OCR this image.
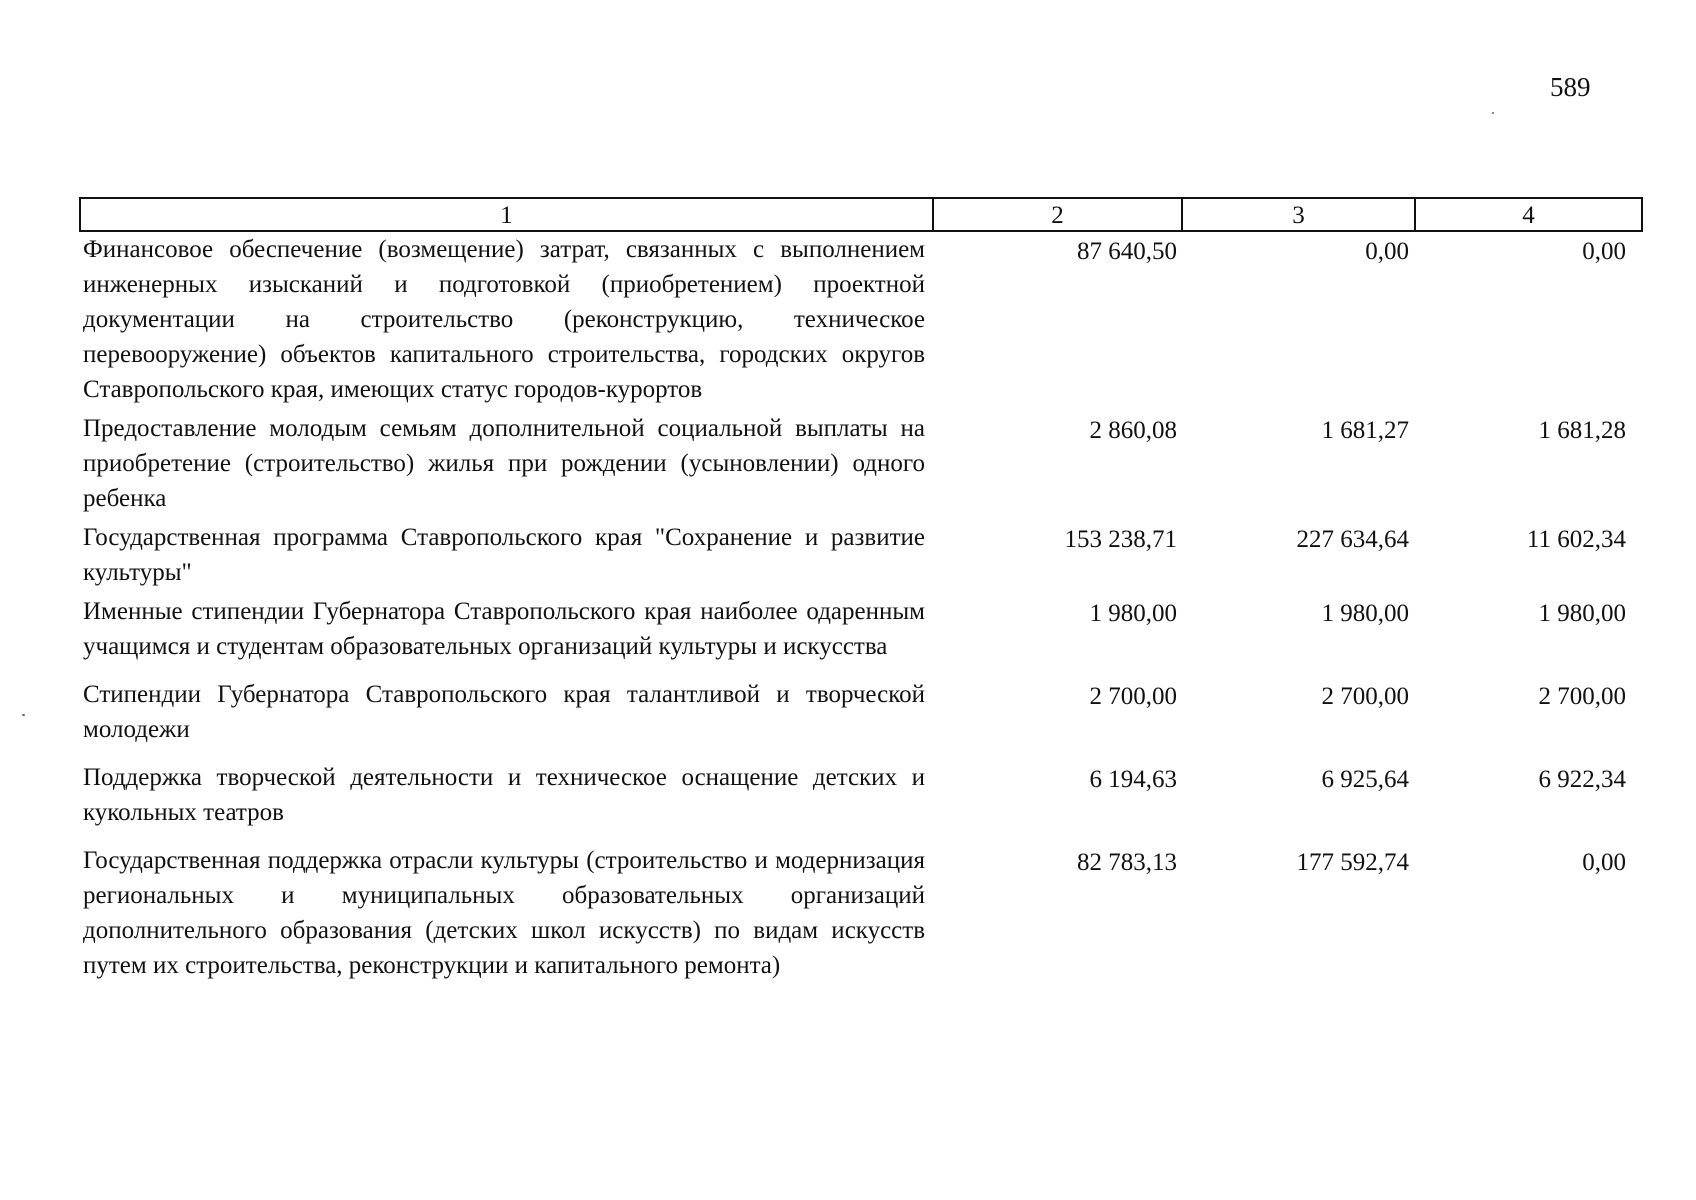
589
1	2	3	4
Финансовое обеспечение (возмещение) затрат, связанных с выполнением инженерных изысканий и подготовкой (приобретением) проектной документации на строительство (реконструкцию, техническое перевооружение) объектов капитального строительства, городских округов Ставропольского края, имеющих статус городов-курортов	87 640,50	0,00	0,00
Предоставление молодым семьям дополнительной социальной выплаты на приобретение (строительство) жилья при рождении (усыновлении) одного ребенка	2 860,08	1 681,27	1 681,28
Государственная программа Ставропольского края "Сохранение и развитие культуры"	153 238,71	227 634,64	11 602,34
Именные стипендии Губернатора Ставропольского края наиболее одаренным учащимся и студентам образовательных организаций культуры и искусства	1 980,00	1 980,00	1 980,00
Стипендии Губернатора Ставропольского края талантливой и творческой молодежи	2 700,00	2 700,00	2 700,00
Поддержка творческой деятельности и техническое оснащение детских и кукольных театров	6 194,63	6 925,64	6 922,34
Государственная поддержка отрасли культуры (строительство и модернизация региональных и муниципальных образовательных организаций дополнительного образования (детских школ искусств) по видам искусств путем их строительства, реконструкции и капитального ремонта)	82 783,13	177 592,74	0,00
